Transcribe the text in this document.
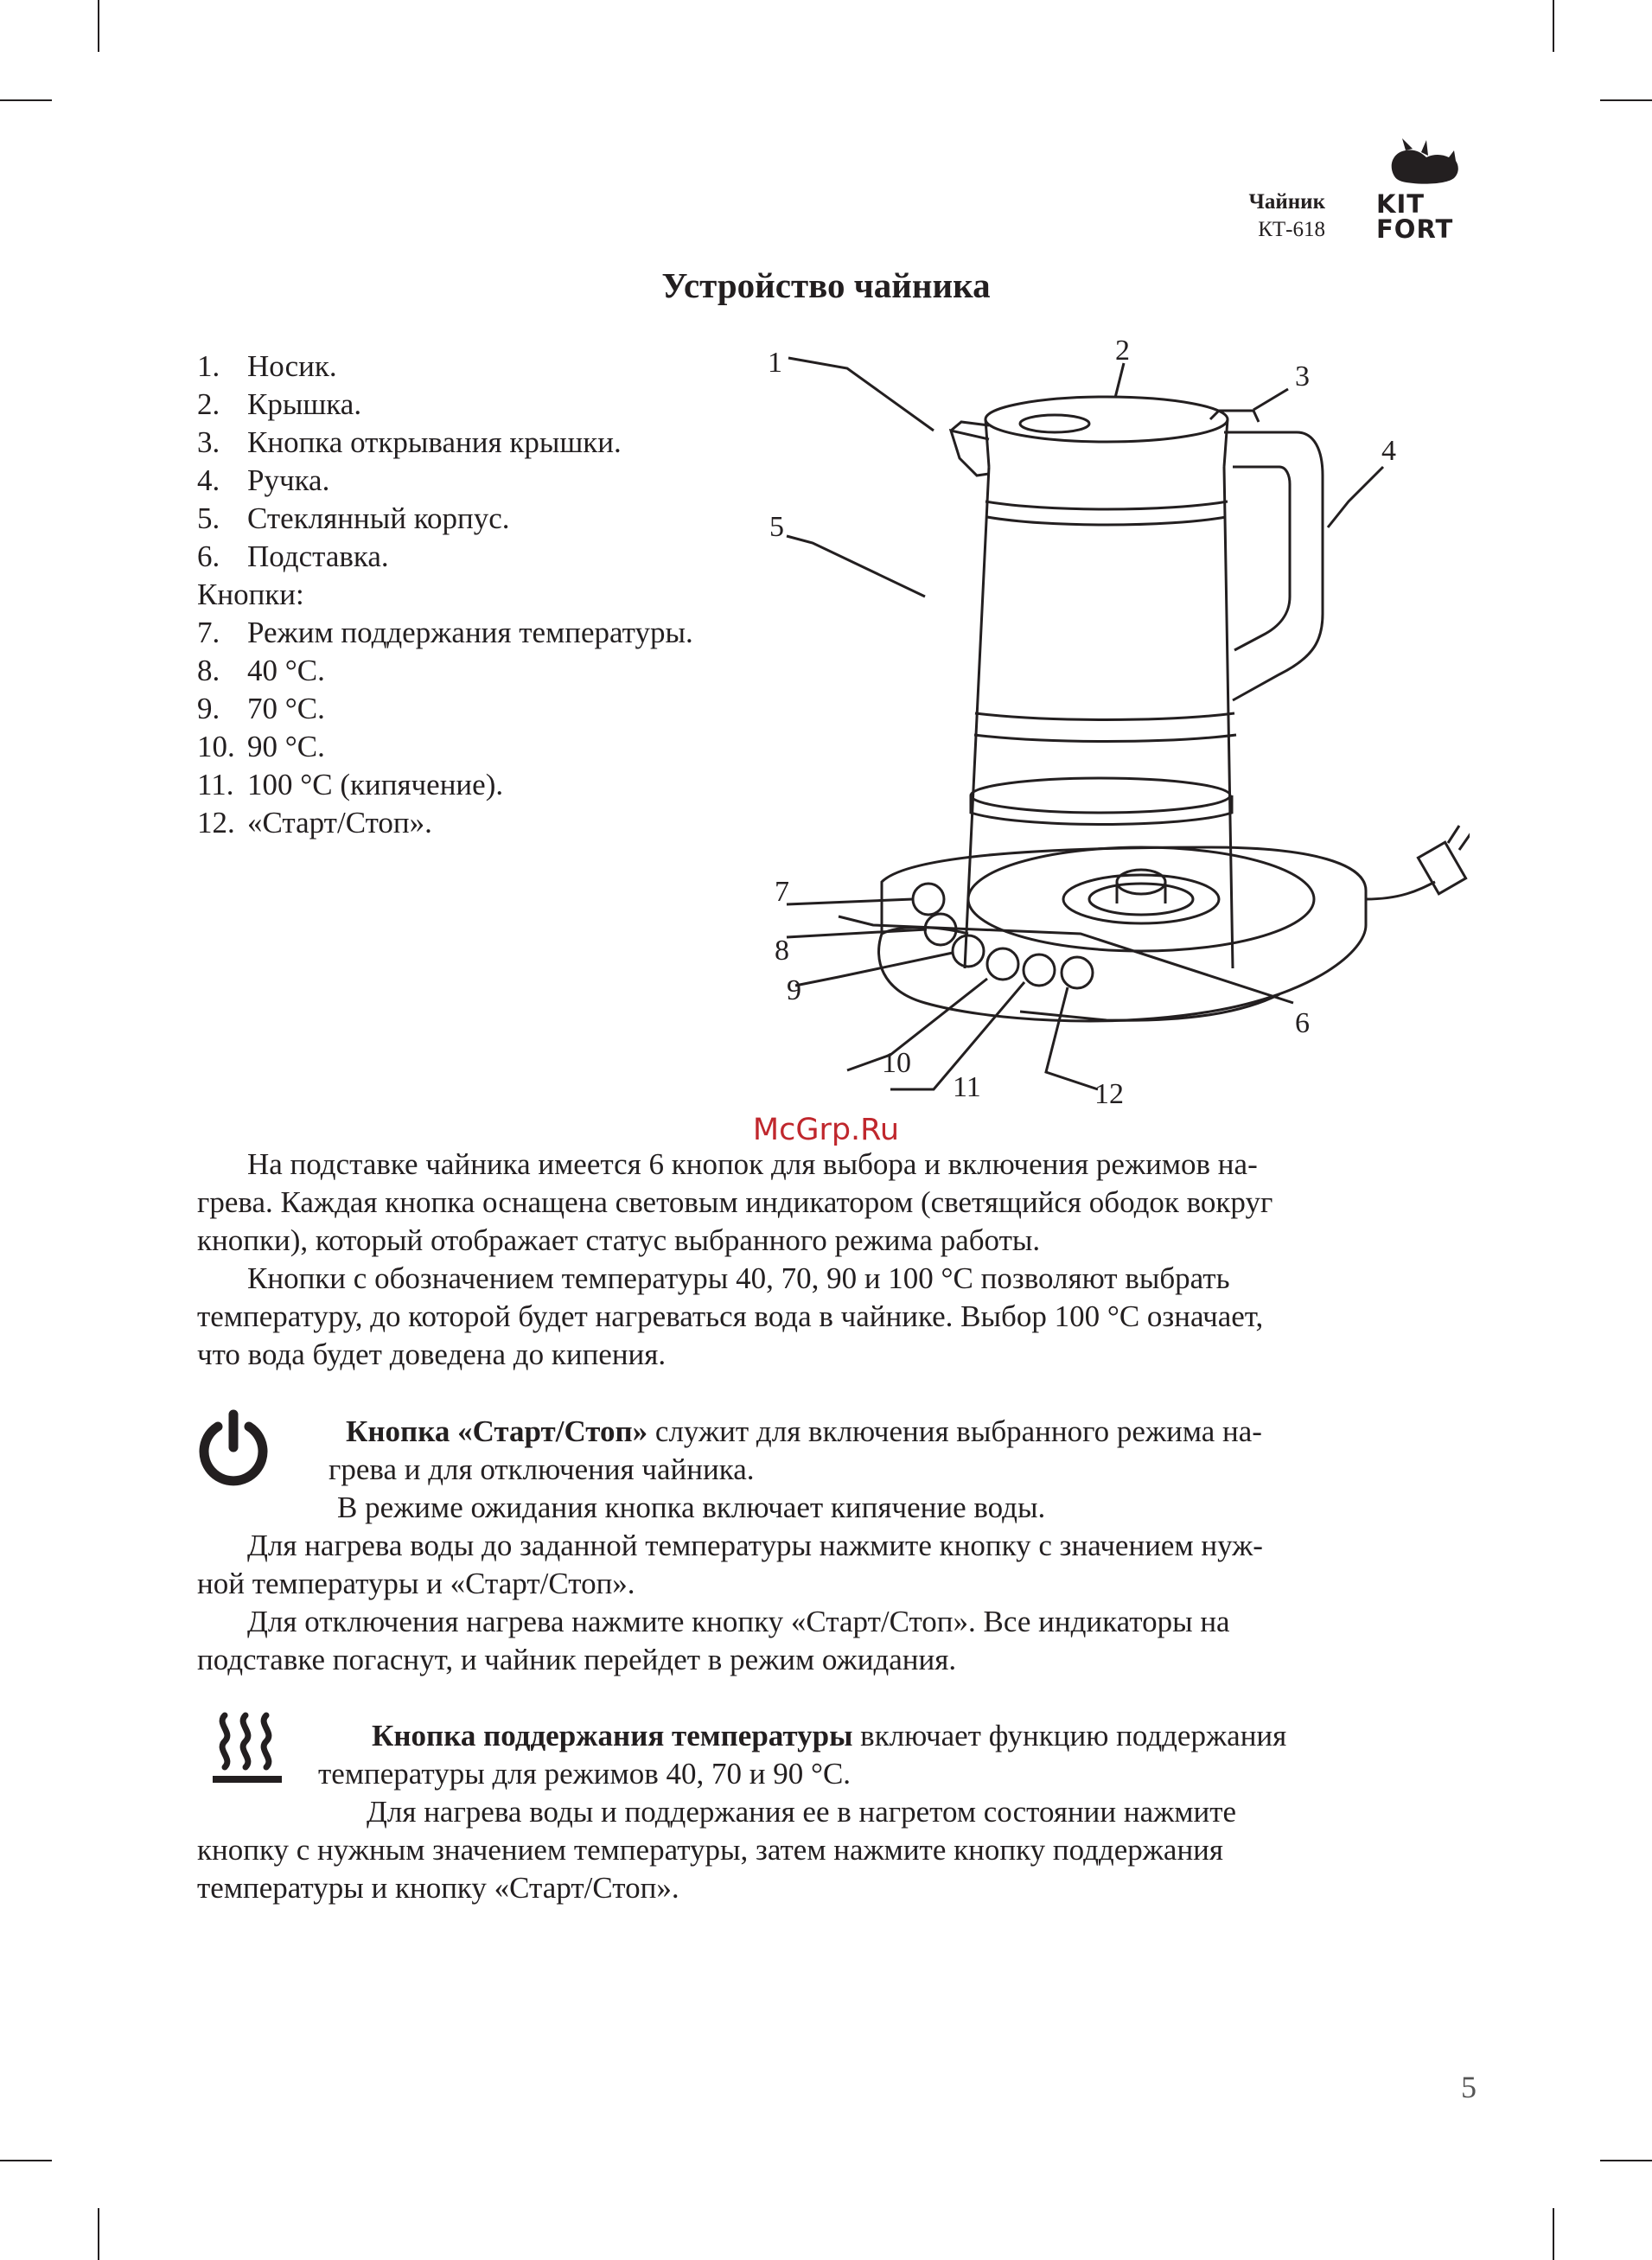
Чайник
КТ-618
KIT
FORT
Устройство чайника
1. Носик.
2. Крышка.
3. Кнопка открывания крышки.
4. Ручка.
5. Стеклянный корпус.
6. Подставка.
Кнопки:
7. Режим поддержания температуры.
8. 40 °С.
9. 70 °С.
10. 90 °С.
11. 100 °С (кипячение).
12. «Старт/Стоп».
1	2
3
4
5
6
7
8
9
10
11	12
McGrp.Ru
На подставке чайника имеется 6 кнопок для выбора и включения режимов на-
грева. Каждая кнопка оснащена световым индикатором (светящийся ободок вокруг
кнопки), который отображает статус выбранного режима работы.
Кнопки с обозначением температуры 40, 70, 90 и 100 °С позволяют выбрать
температуру, до которой будет нагреваться вода в чайнике. Выбор 100 °С означает,
что вода будет доведена до кипения.
Кнопка «Старт/Стоп» служит для включения выбранного режима на-
грева и для отключения чайника.
В режиме ожидания кнопка включает кипячение воды.
Для нагрева воды до заданной температуры нажмите кнопку с значением нуж-
ной температуры и «Старт/Стоп».
Для отключения нагрева нажмите кнопку «Старт/Стоп». Все индикаторы на
подставке погаснут, и чайник перейдет в режим ожидания.
Кнопка поддержания температуры включает функцию поддержания
температуры для режимов 40, 70 и 90 °С.
Для нагрева воды и поддержания ее в нагретом состоянии нажмите
кнопку с нужным значением температуры, затем нажмите кнопку поддержания
температуры и кнопку «Старт/Стоп».
5
